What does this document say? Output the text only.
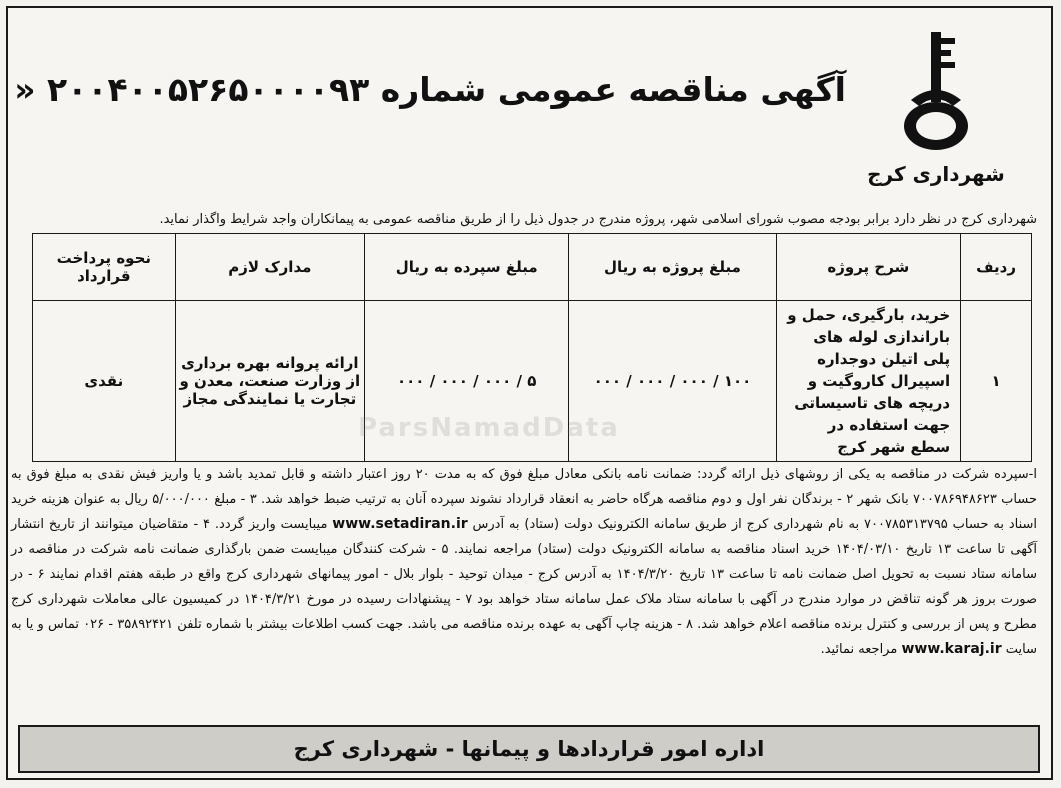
آگهی مناقصه عمومی شماره ۲۰۰۴۰۰۵۲۶۵۰۰۰۰۹۳ «
شهرداری کرج
شهرداری کرج در نظر دارد برابر بودجه مصوب شورای اسلامی شهر، پروژه مندرج در جدول ذیل را از طریق مناقصه عمومی به پیمانکاران واجد شرایط واگذار نماید.
ردیف	شرح پروژه	مبلغ پروژه به ریال	مبلغ سپرده به ریال	مدارک لازم	نحوه پرداخت قرارداد
۱	خرید، بارگیری، حمل و باراندازی لوله های پلی اتیلن دوجداره اسپیرال کاروگیت و دریچه های تاسیساتی جهت استفاده در سطع شهر کرج	۱۰۰ / ۰۰۰ / ۰۰۰ / ۰۰۰	۵ / ۰۰۰ / ۰۰۰ / ۰۰۰	ارائه پروانه بهره برداری از وزارت صنعت، معدن و تجارت یا نمایندگی مجاز	نقدی
ParsNamadData
ا-سپرده شرکت در مناقصه به یکی از روشهای ذیل ارائه گردد: ضمانت نامه بانکی معادل مبلغ فوق که به مدت ۲۰ روز اعتبار داشته و قابل تمدید باشد و یا واریز فیش نقدی به مبلغ فوق به حساب ۷۰۰۷۸۶۹۴۸۶۲۳ بانک شهر ۲ - برندگان نفر اول و دوم مناقصه هرگاه حاضر به انعقاد قرارداد نشوند سپرده آنان به ترتیب ضبط خواهد شد. ۳ - مبلغ ۵/۰۰۰/۰۰۰ ریال به عنوان هزینه خرید اسناد به حساب ۷۰۰۷۸۵۳۱۳۷۹۵ به نام شهرداری کرج از طریق سامانه الکترونیک دولت (ستاد) به آدرس www.setadiran.ir میبایست واریز گردد. ۴ - متقاضیان میتوانند از تاریخ انتشار آگهی تا ساعت ۱۳ تاریخ ۱۴۰۴/۰۳/۱۰ خرید اسناد مناقصه به سامانه الکترونیک دولت (ستاد) مراجعه نمایند. ۵ - شرکت کنندگان میبایست ضمن بارگذاری ضمانت نامه شرکت در مناقصه در سامانه ستاد نسبت به تحویل اصل ضمانت نامه تا ساعت ۱۳ تاریخ ۱۴۰۴/۳/۲۰ به آدرس کرج - میدان توحید - بلوار بلال - امور پیمانهای شهرداری کرج واقع در طبقه هفتم اقدام نمایند ۶ - در صورت بروز هر گونه تناقض در موارد مندرج در آگهی با سامانه ستاد ملاک عمل سامانه ستاد خواهد بود ۷ - پیشنهادات رسیده در مورخ ۱۴۰۴/۳/۲۱ در کمیسیون عالی معاملات شهرداری کرج مطرح و پس از بررسی و کنترل برنده مناقصه اعلام خواهد شد. ۸ - هزینه چاپ آگهی به عهده برنده مناقصه می باشد. جهت کسب اطلاعات بیشتر با شماره تلفن ۳۵۸۹۲۴۲۱ - ۰۲۶ تماس و یا به سایت www.karaj.ir مراجعه نمائید.
اداره امور قراردادها و پیمانها - شهرداری کرج
